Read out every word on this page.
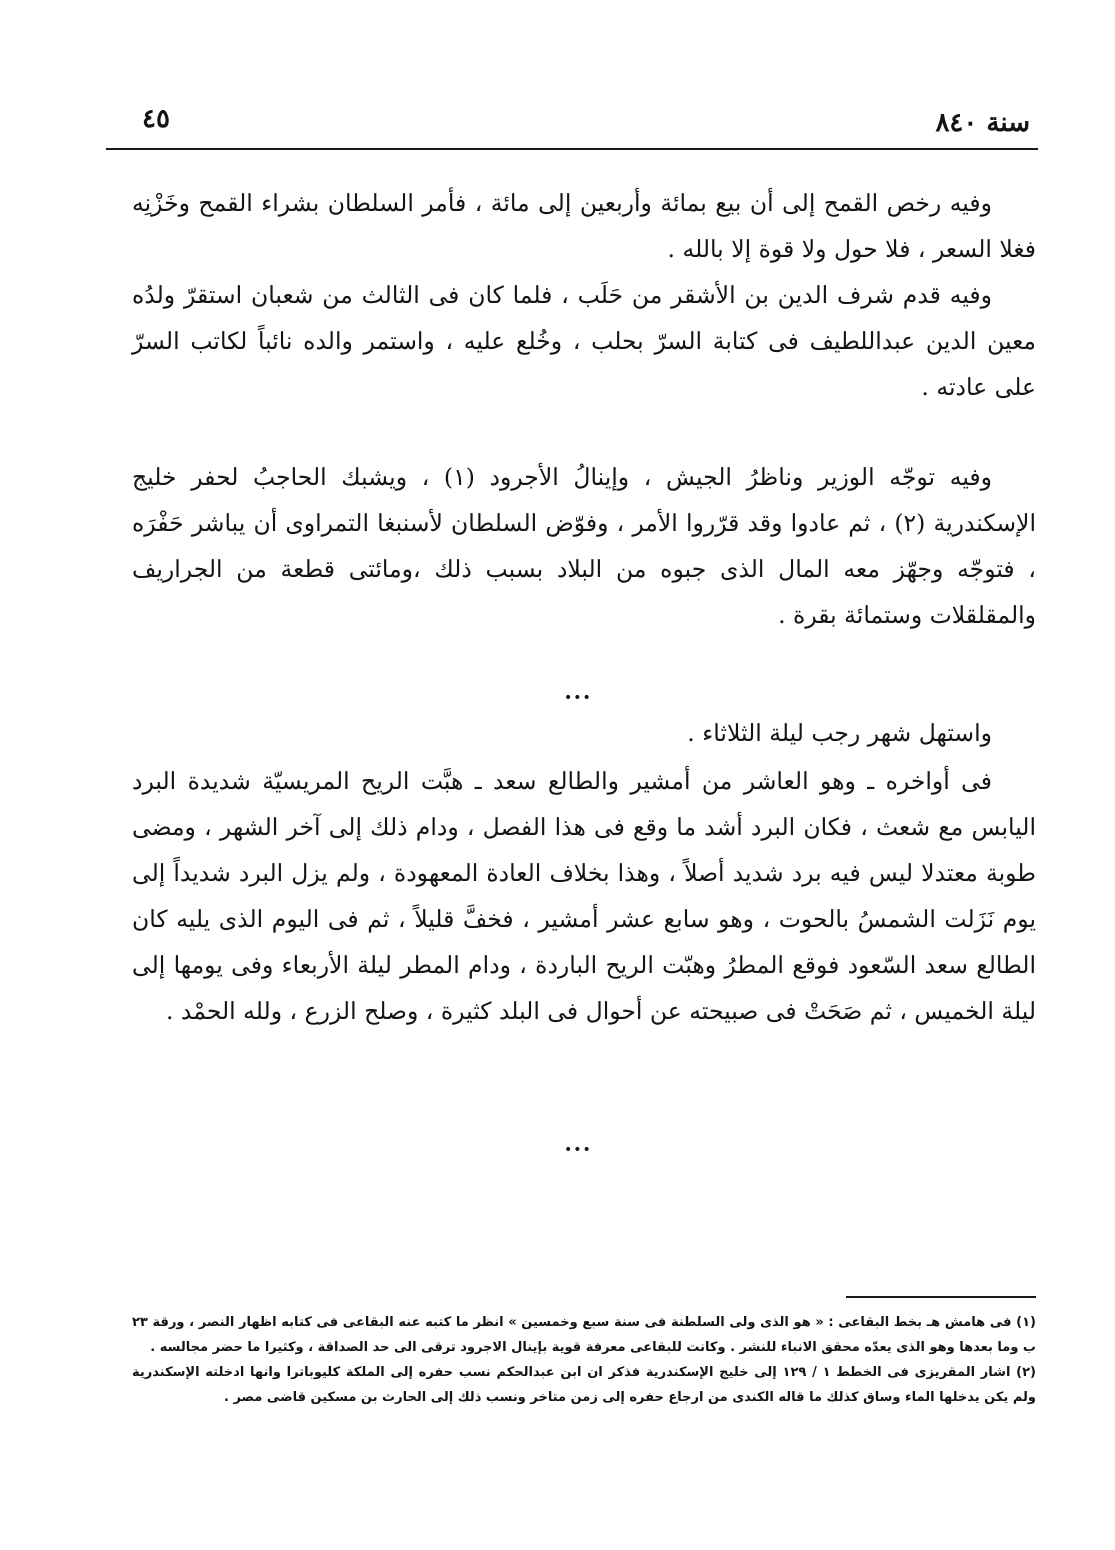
سنة ٨٤٠
٤٥

وفيه رخص القمح إلى أن بيع بمائة وأربعين إلى مائة ، فأمر السلطان بشراء القمح وخَزْنِه فغلا السعر ، فلا حول ولا قوة إلا بالله .

وفيه قدم شرف الدين بن الأشقر من حَلَب ، فلما كان فى الثالث من شعبان استقرّ ولدُه معين الدين عبداللطيف فى كتابة السرّ بحلب ، وخُلع عليه ، واستمر والده نائباً لكاتب السرّ على عادته .

وفيه توجّه الوزير وناظرُ الجيش ، وإينالُ الأجرود (١) ، ويشبك الحاجبُ لحفر خليج الإسكندرية (٢) ، ثم عادوا وقد قرّروا الأمر ، وفوّض السلطان لأسنبغا التمراوى أن يباشر حَفْرَه ، فتوجّه وجهّز معه المال الذى جبوه من البلاد بسبب ذلك ،ومائتى قطعة من الجراريف والمقلقلات وستمائة بقرة .

•••

واستهل شهر رجب ليلة الثلاثاء .

فى أواخره ـ وهو العاشر من أمشير والطالع سعد ـ هبَّت الريح المريسيّة شديدة البرد اليابس مع شعث ، فكان البرد أشد ما وقع فى هذا الفصل ، ودام ذلك إلى آخر الشهر ، ومضى طوبة معتدلا ليس فيه برد شديد أصلاً ، وهذا بخلاف العادة المعهودة ، ولم يزل البرد شديداً إلى يوم نَزَلت الشمسُ بالحوت ، وهو سابع عشر أمشير ، فخفَّ قليلاً ، ثم فى اليوم الذى يليه كان الطالع سعد السّعود فوقع المطرُ وهبّت الريح الباردة ، ودام المطر ليلة الأربعاء وفى يومها إلى ليلة الخميس ، ثم صَحَتْ فى صبيحته عن أحوال فى البلد كثيرة ، وصلح الزرع ، ولله الحمْد .

•••

(١) فى هامش هـ بخط البقاعى : « هو الذى ولى السلطنة فى سنة سبع وخمسين » انظر ما كتبه عنه البقاعى فى كتابه اظهار النصر ، ورقة ٢٣ ب وما بعدها وهو الذى يعدّه محقق الانباء للنشر . وكانت للبقاعى معرفة قوية بإينال الاجرود ترقى الى حد الصداقة ، وكثيرا ما حضر مجالسه .

(٢) اشار المقريزى فى الخطط ١ / ١٢٩ إلى خليج الإسكندرية فذكر ان ابن عبدالحكم نسب حفره إلى الملكة كليوباترا وانها ادخلته الإسكندرية ولم يكن يدخلها الماء وساق كذلك ما قاله الكندى من ارجاع حفره إلى زمن متاخر ونسب ذلك إلى الحارث بن مسكين قاضى مصر .
